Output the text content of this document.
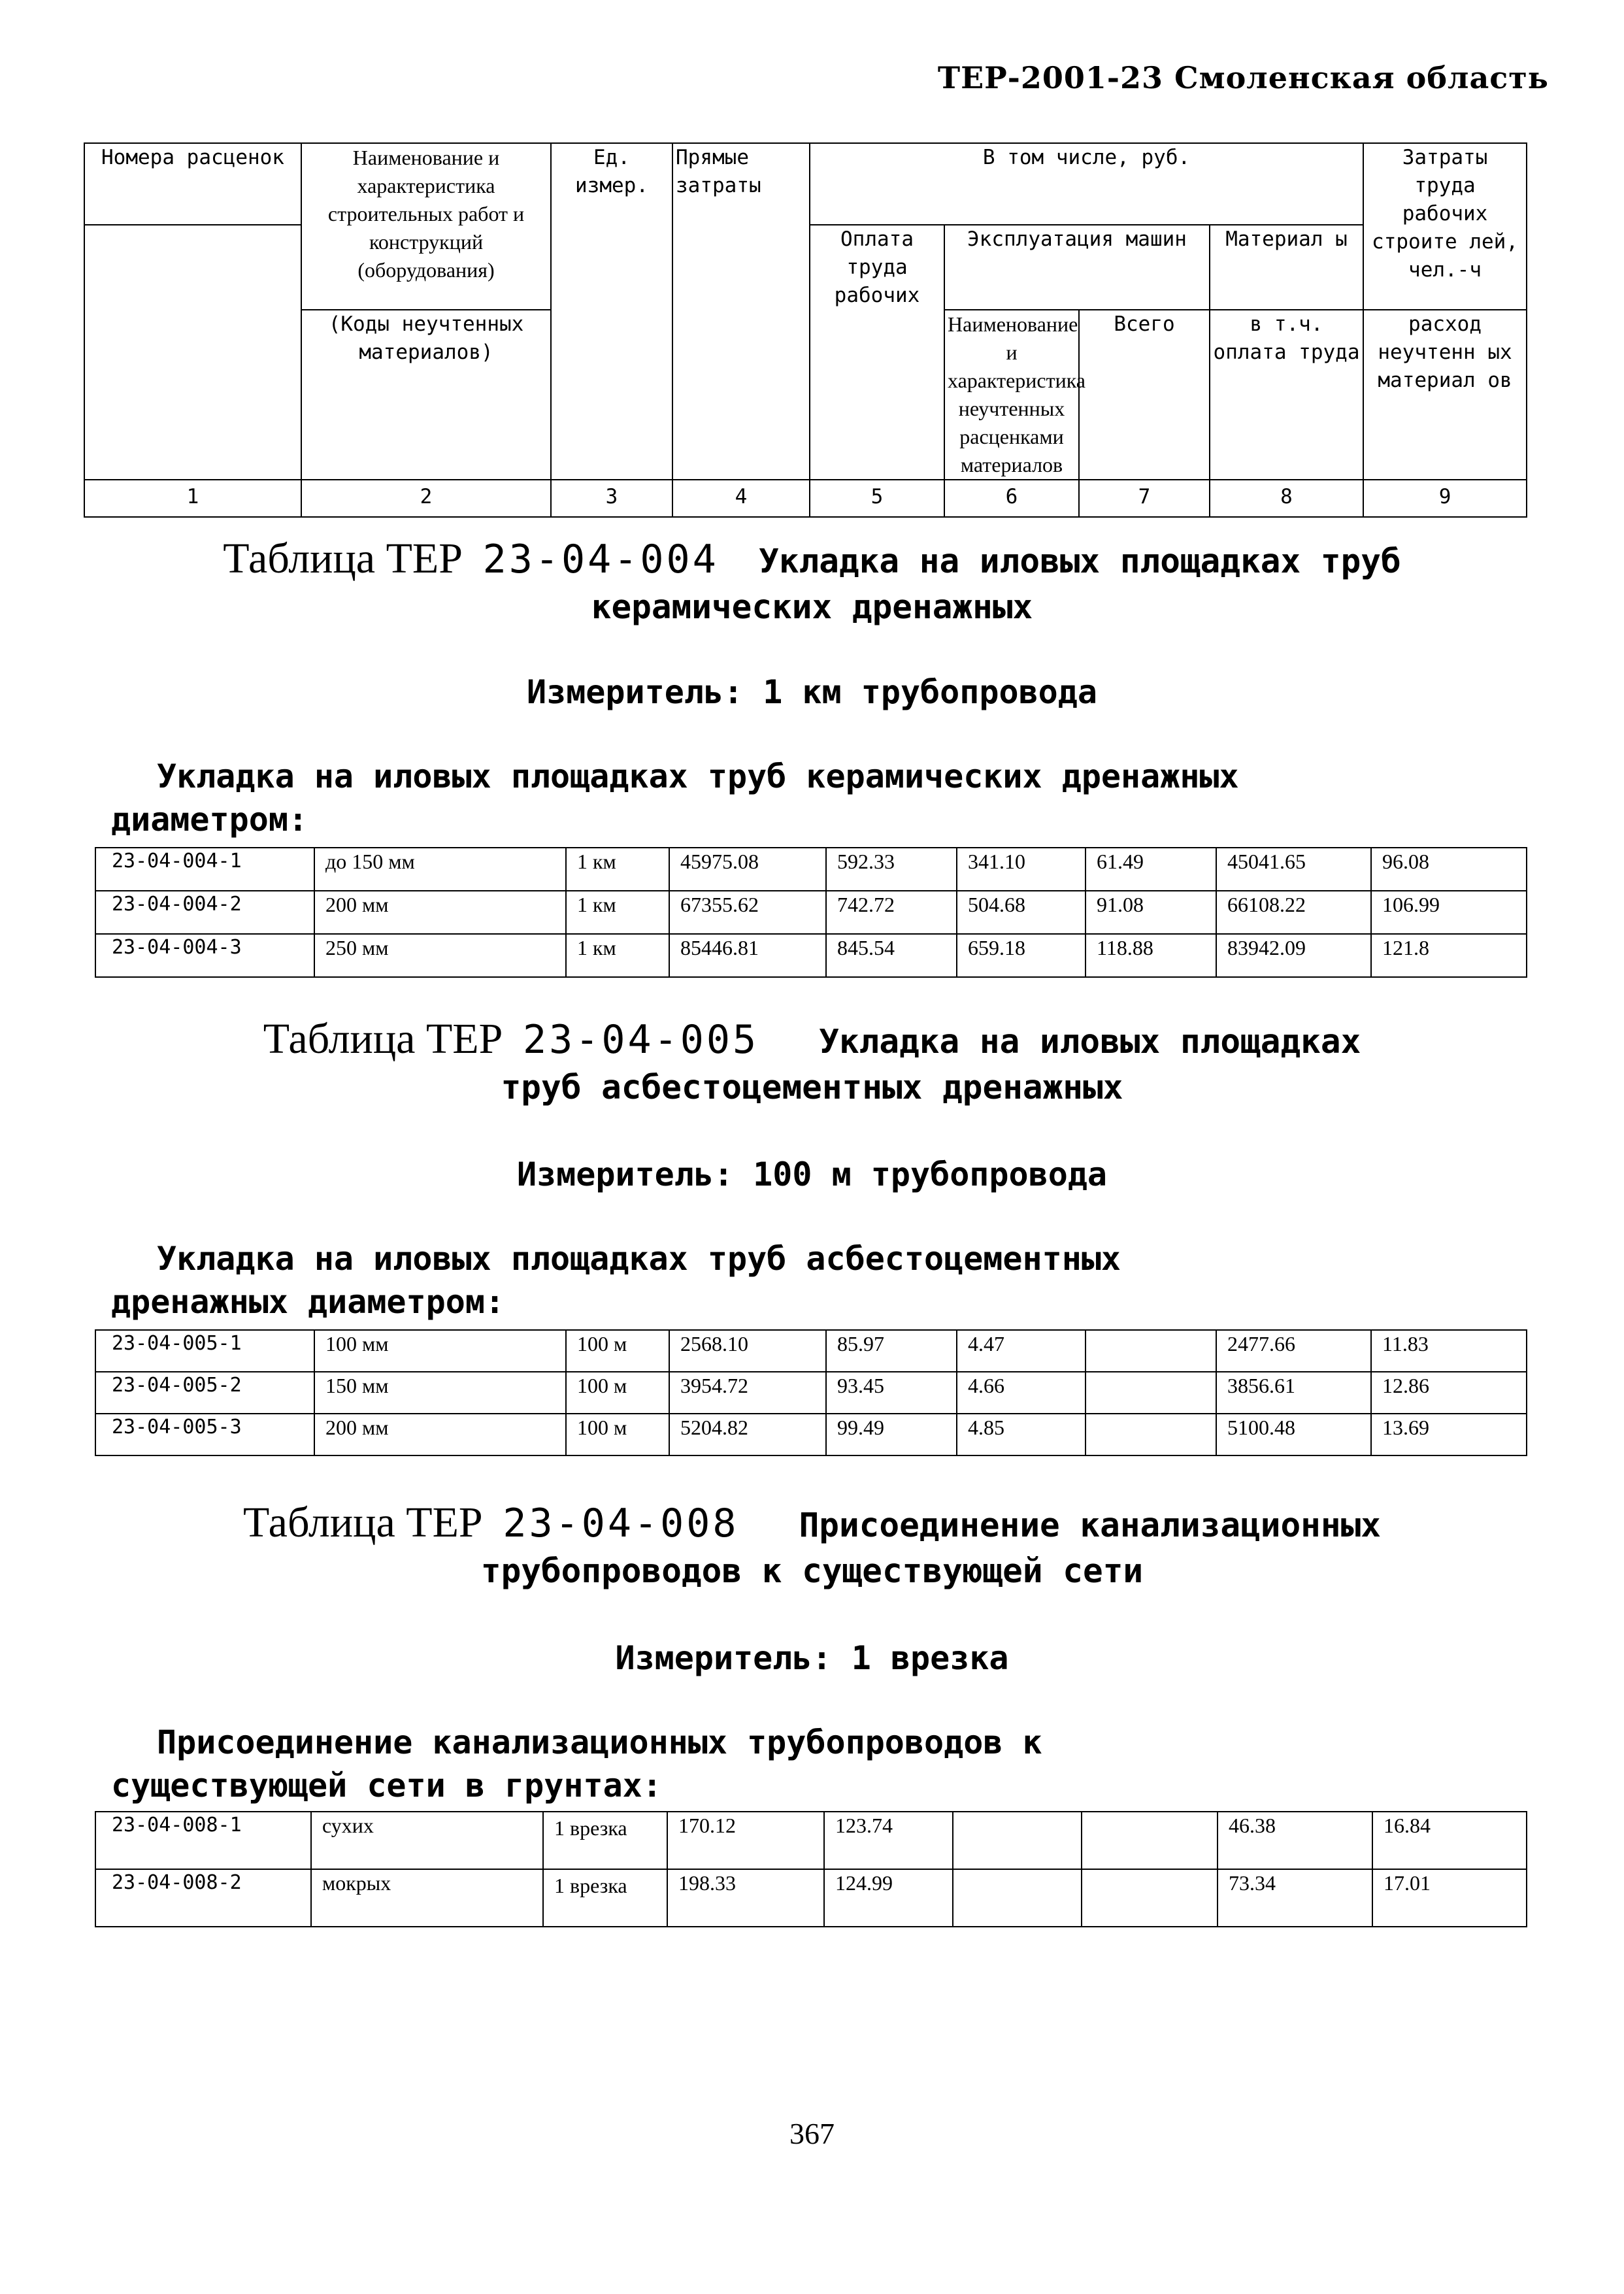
ТЕР-2001-23 Смоленская область
Номера расценок	Наименование и характеристика строительных работ и конструкций (оборудования)	Ед. измер.	Прямые затраты	В том числе, руб.				Затраты труда рабочих строите лей, чел.-ч	
				Оплата труда рабочих	Эксплуатация машин		Материал ы		
	(Коды неучтенных материалов)				Наименование и характеристика неучтенных расценками материалов	Всего	в т.ч. оплата труда	расход неучтенн ых материал ов	

1	2	3	4	5	6	7	8	9	
Таблица ТЕР 23-04-004 Укладка на иловых площадках труб
керамических дренажных
Измеритель: 1 км трубопровода
Укладка на иловых площадках труб керамических дренажных
диаметром:
23-04-004-1	до 150 мм	1 км	45975.08	592.33	341.10	61.49	45041.65	96.08
23-04-004-2	200 мм	1 км	67355.62	742.72	504.68	91.08	66108.22	106.99
23-04-004-3	250 мм	1 км	85446.81	845.54	659.18	118.88	83942.09	121.8
Таблица ТЕР 23-04-005 Укладка на иловых площадках
труб асбестоцементных дренажных
Измеритель: 100 м трубопровода
Укладка на иловых площадках труб асбестоцементных
дренажных диаметром:
23-04-005-1	100 мм	100 м	2568.10	85.97	4.47		2477.66	11.83
23-04-005-2	150 мм	100 м	3954.72	93.45	4.66		3856.61	12.86
23-04-005-3	200 мм	100 м	5204.82	99.49	4.85		5100.48	13.69
Таблица ТЕР 23-04-008 Присоединение канализационных
трубопроводов к существующей сети
Измеритель: 1 врезка
Присоединение канализационных трубопроводов к
существующей сети в грунтах:
23-04-008-1	сухих	1 врезка	170.12	123.74			46.38	16.84
23-04-008-2	мокрых	1 врезка	198.33	124.99			73.34	17.01
367
